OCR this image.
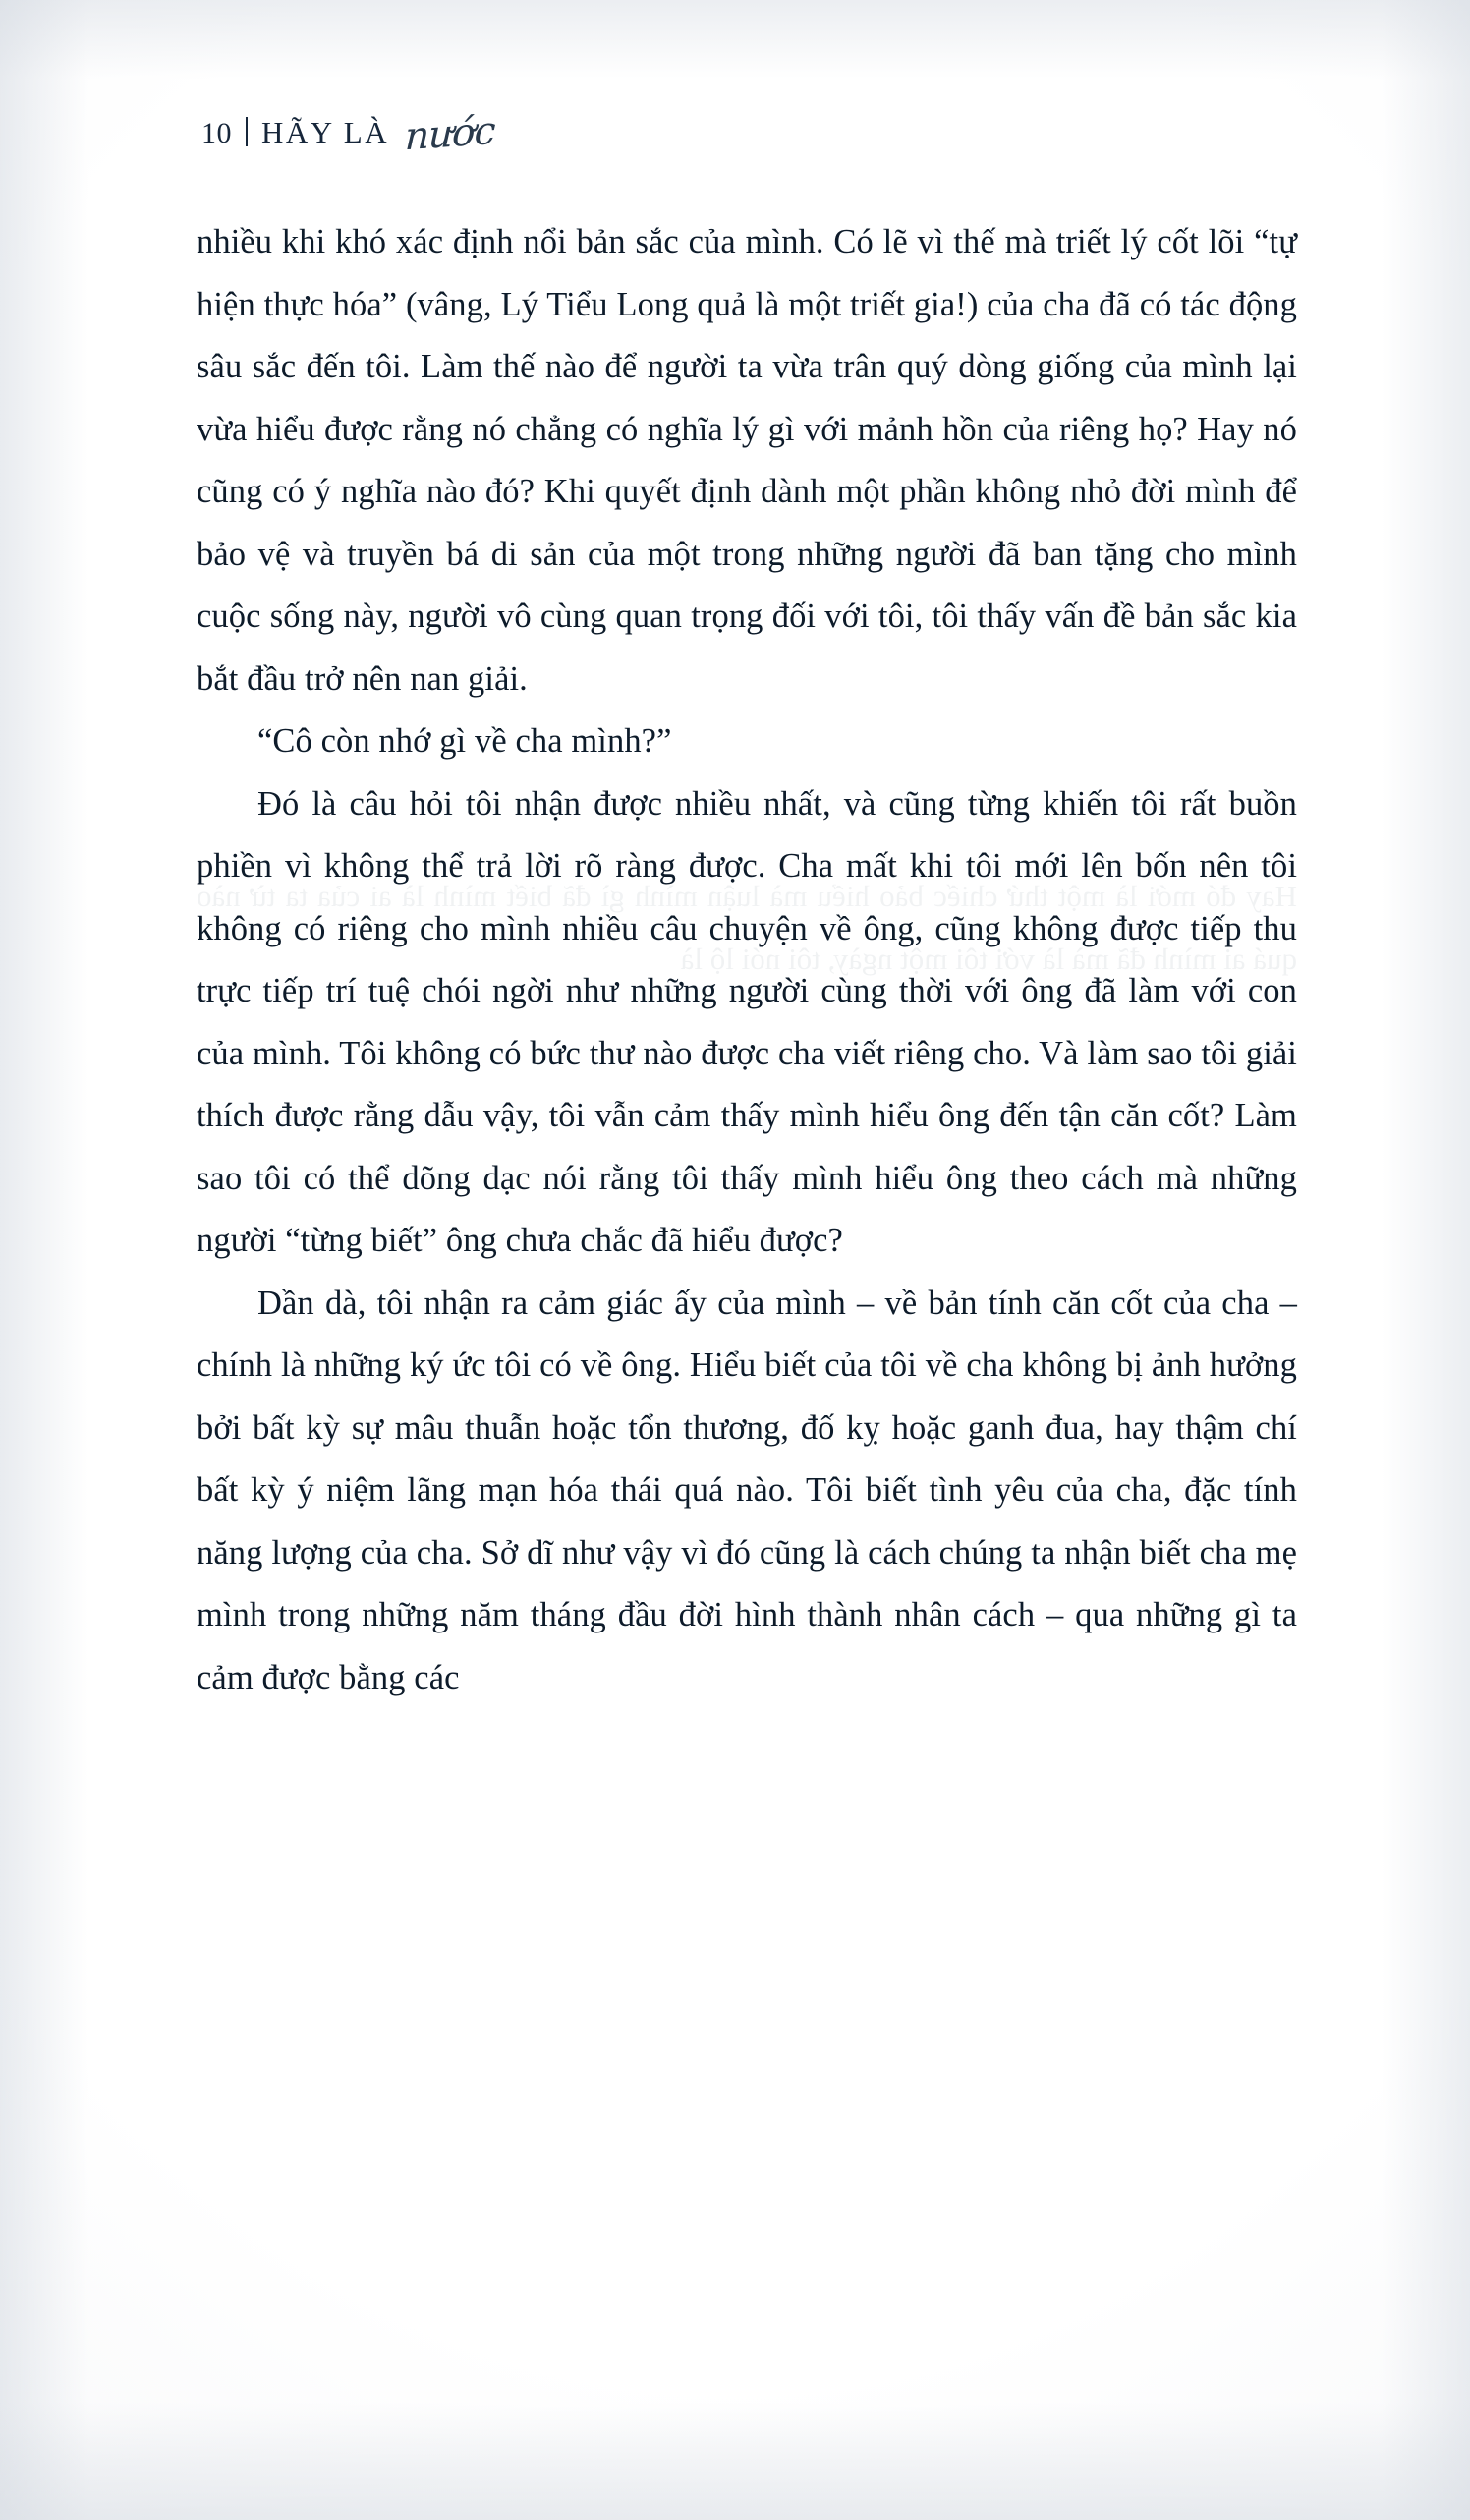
Hay đó mới là một thứ chiếc bảo hiểu mà luận mình gì đã biết mình là ai của ta từ nào quá ai mình đã mà là với tôi một ngày, tôi nói lộ là
10 HÃY LÀ nước

nhiều khi khó xác định nổi bản sắc của mình. Có lẽ vì thế mà triết lý cốt lõi “tự hiện thực hóa” (vâng, Lý Tiểu Long quả là một triết gia!) của cha đã có tác động sâu sắc đến tôi. Làm thế nào để người ta vừa trân quý dòng giống của mình lại vừa hiểu được rằng nó chẳng có nghĩa lý gì với mảnh hồn của riêng họ? Hay nó cũng có ý nghĩa nào đó? Khi quyết định dành một phần không nhỏ đời mình để bảo vệ và truyền bá di sản của một trong những người đã ban tặng cho mình cuộc sống này, người vô cùng quan trọng đối với tôi, tôi thấy vấn đề bản sắc kia bắt đầu trở nên nan giải.

“Cô còn nhớ gì về cha mình?”

Đó là câu hỏi tôi nhận được nhiều nhất, và cũng từng khiến tôi rất buồn phiền vì không thể trả lời rõ ràng được. Cha mất khi tôi mới lên bốn nên tôi không có riêng cho mình nhiều câu chuyện về ông, cũng không được tiếp thu trực tiếp trí tuệ chói ngời như những người cùng thời với ông đã làm với con của mình. Tôi không có bức thư nào được cha viết riêng cho. Và làm sao tôi giải thích được rằng dẫu vậy, tôi vẫn cảm thấy mình hiểu ông đến tận căn cốt? Làm sao tôi có thể dõng dạc nói rằng tôi thấy mình hiểu ông theo cách mà những người “từng biết” ông chưa chắc đã hiểu được?

Dần dà, tôi nhận ra cảm giác ấy của mình – về bản tính căn cốt của cha – chính là những ký ức tôi có về ông. Hiểu biết của tôi về cha không bị ảnh hưởng bởi bất kỳ sự mâu thuẫn hoặc tổn thương, đố kỵ hoặc ganh đua, hay thậm chí bất kỳ ý niệm lãng mạn hóa thái quá nào. Tôi biết tình yêu của cha, đặc tính năng lượng của cha. Sở dĩ như vậy vì đó cũng là cách chúng ta nhận biết cha mẹ mình trong những năm tháng đầu đời hình thành nhân cách – qua những gì ta cảm được bằng các
